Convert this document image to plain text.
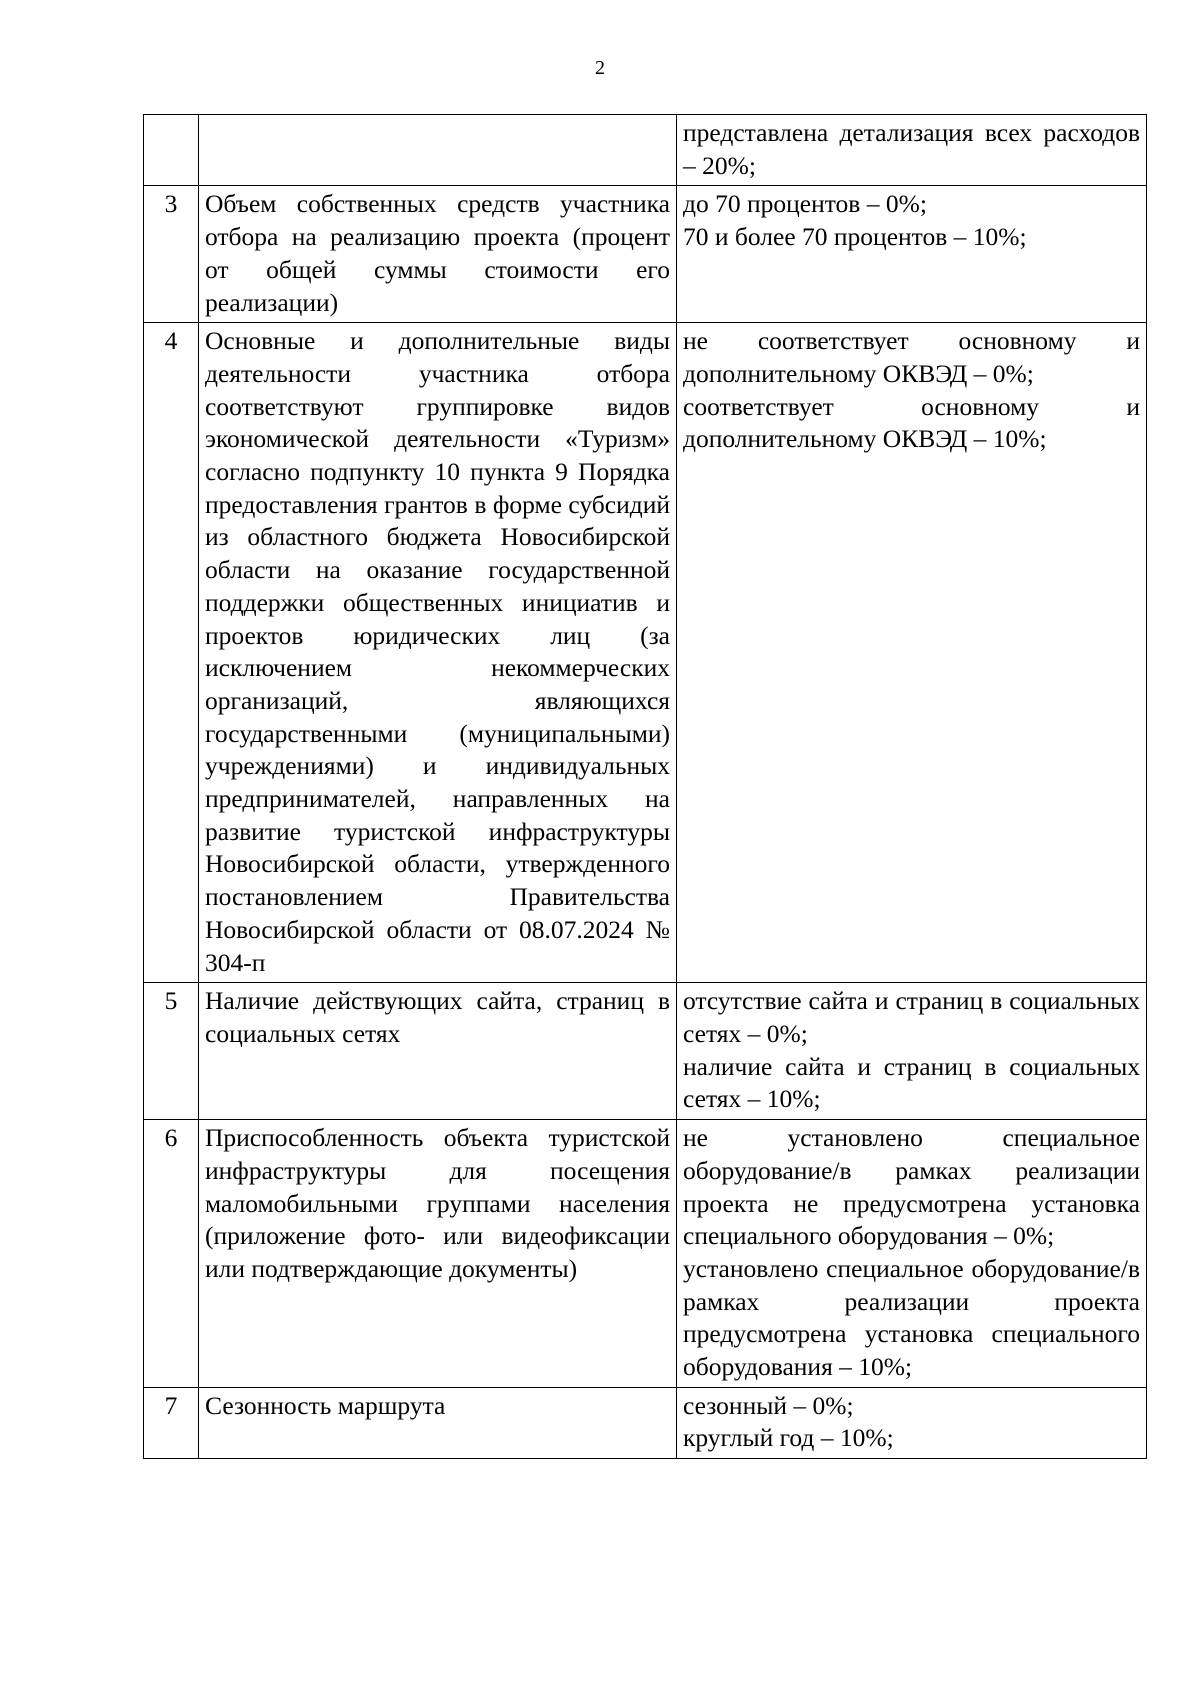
2

		представлена детализация всех расходов – 20%;

3	Объем собственных средств участника отбора на реализацию проекта (процент от общей суммы стоимости его реализации)	до 70 процентов – 0%;
70 и более 70 процентов – 10%;

4	Основные и дополнительные виды деятельности участника отбора соответствуют группировке видов экономической деятельности «Туризм» согласно подпункту 10 пункта 9 Порядка предоставления грантов в форме субсидий из областного бюджета Новосибирской области на оказание государственной поддержки общественных инициатив и проектов юридических лиц (за исключением некоммерческих организаций, являющихся государственными (муниципальными) учреждениями) и индивидуальных предпринимателей, направленных на развитие туристской инфраструктуры Новосибирской области, утвержденного постановлением Правительства Новосибирской области от 08.07.2024 № 304-п	не соответствует основному и дополнительному ОКВЭД – 0%;
соответствует основному и дополнительному ОКВЭД – 10%;

5	Наличие действующих сайта, страниц в социальных сетях	отсутствие сайта и страниц в социальных сетях – 0%;
наличие сайта и страниц в социальных сетях – 10%;

6	Приспособленность объекта туристской инфраструктуры для посещения маломобильными группами населения (приложение фото- или видеофиксации или подтверждающие документы)	не установлено специальное оборудование/в рамках реализации проекта не предусмотрена установка специального оборудования – 0%;
установлено специальное оборудование/в рамках реализации проекта предусмотрена установка специального оборудования – 10%;

7	Сезонность маршрута	сезонный – 0%;
круглый год – 10%;
